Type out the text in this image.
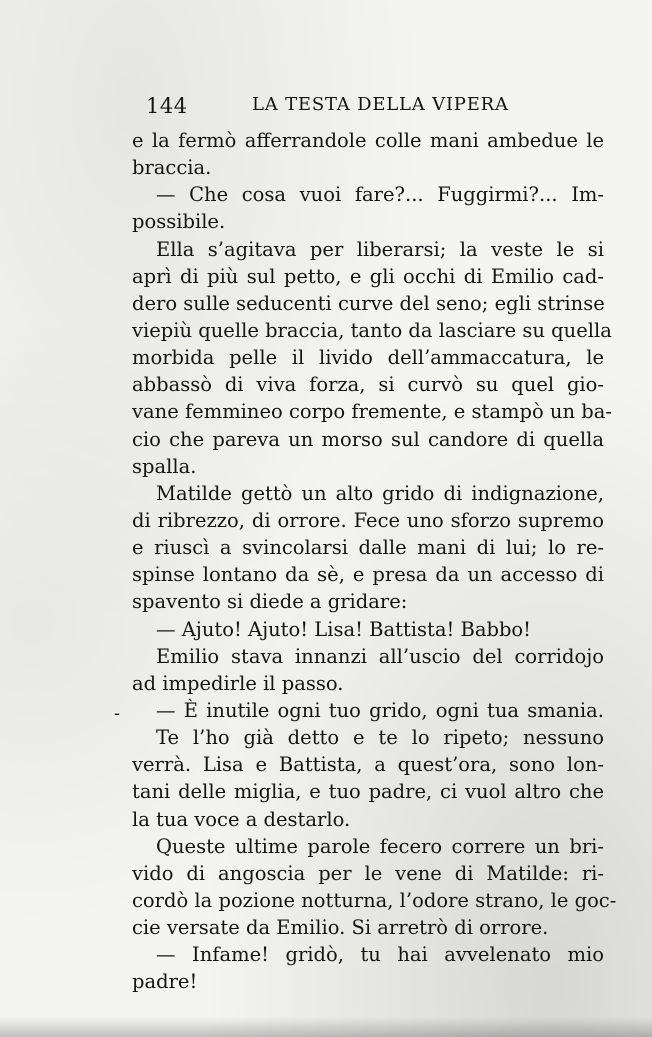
144	LA TESTA DELLA VIPERA
e la fermò afferrandole colle mani ambedue le
braccia.
— Che cosa vuoi fare?... Fuggirmi?... Im-
possibile.
Ella s’agitava per liberarsi; la veste le si
aprì di più sul petto, e gli occhi di Emilio cad-
dero sulle seducenti curve del seno; egli strinse
viepiù quelle braccia, tanto da lasciare su quella
morbida pelle il livido dell’ammaccatura, le
abbassò di viva forza, si curvò su quel gio-
vane femmineo corpo fremente, e stampò un ba-
cio che pareva un morso sul candore di quella
spalla.
Matilde gettò un alto grido di indignazione,
di ribrezzo, di orrore. Fece uno sforzo supremo
e riuscì a svincolarsi dalle mani di lui; lo re-
spinse lontano da sè, e presa da un accesso di
spavento si diede a gridare:
— Ajuto! Ajuto! Lisa! Battista! Babbo!
Emilio stava innanzi all’uscio del corridojo
ad impedirle il passo.
— È inutile ogni tuo grido, ogni tua smania.
Te l’ho già detto e te lo ripeto; nessuno
verrà. Lisa e Battista, a quest’ora, sono lon-
tani delle miglia, e tuo padre, ci vuol altro che
la tua voce a destarlo.
Queste ultime parole fecero correre un bri-
vido di angoscia per le vene di Matilde: ri-
cordò la pozione notturna, l’odore strano, le goc-
cie versate da Emilio. Si arretrò di orrore.
— Infame! gridò, tu hai avvelenato mio
padre!
-
